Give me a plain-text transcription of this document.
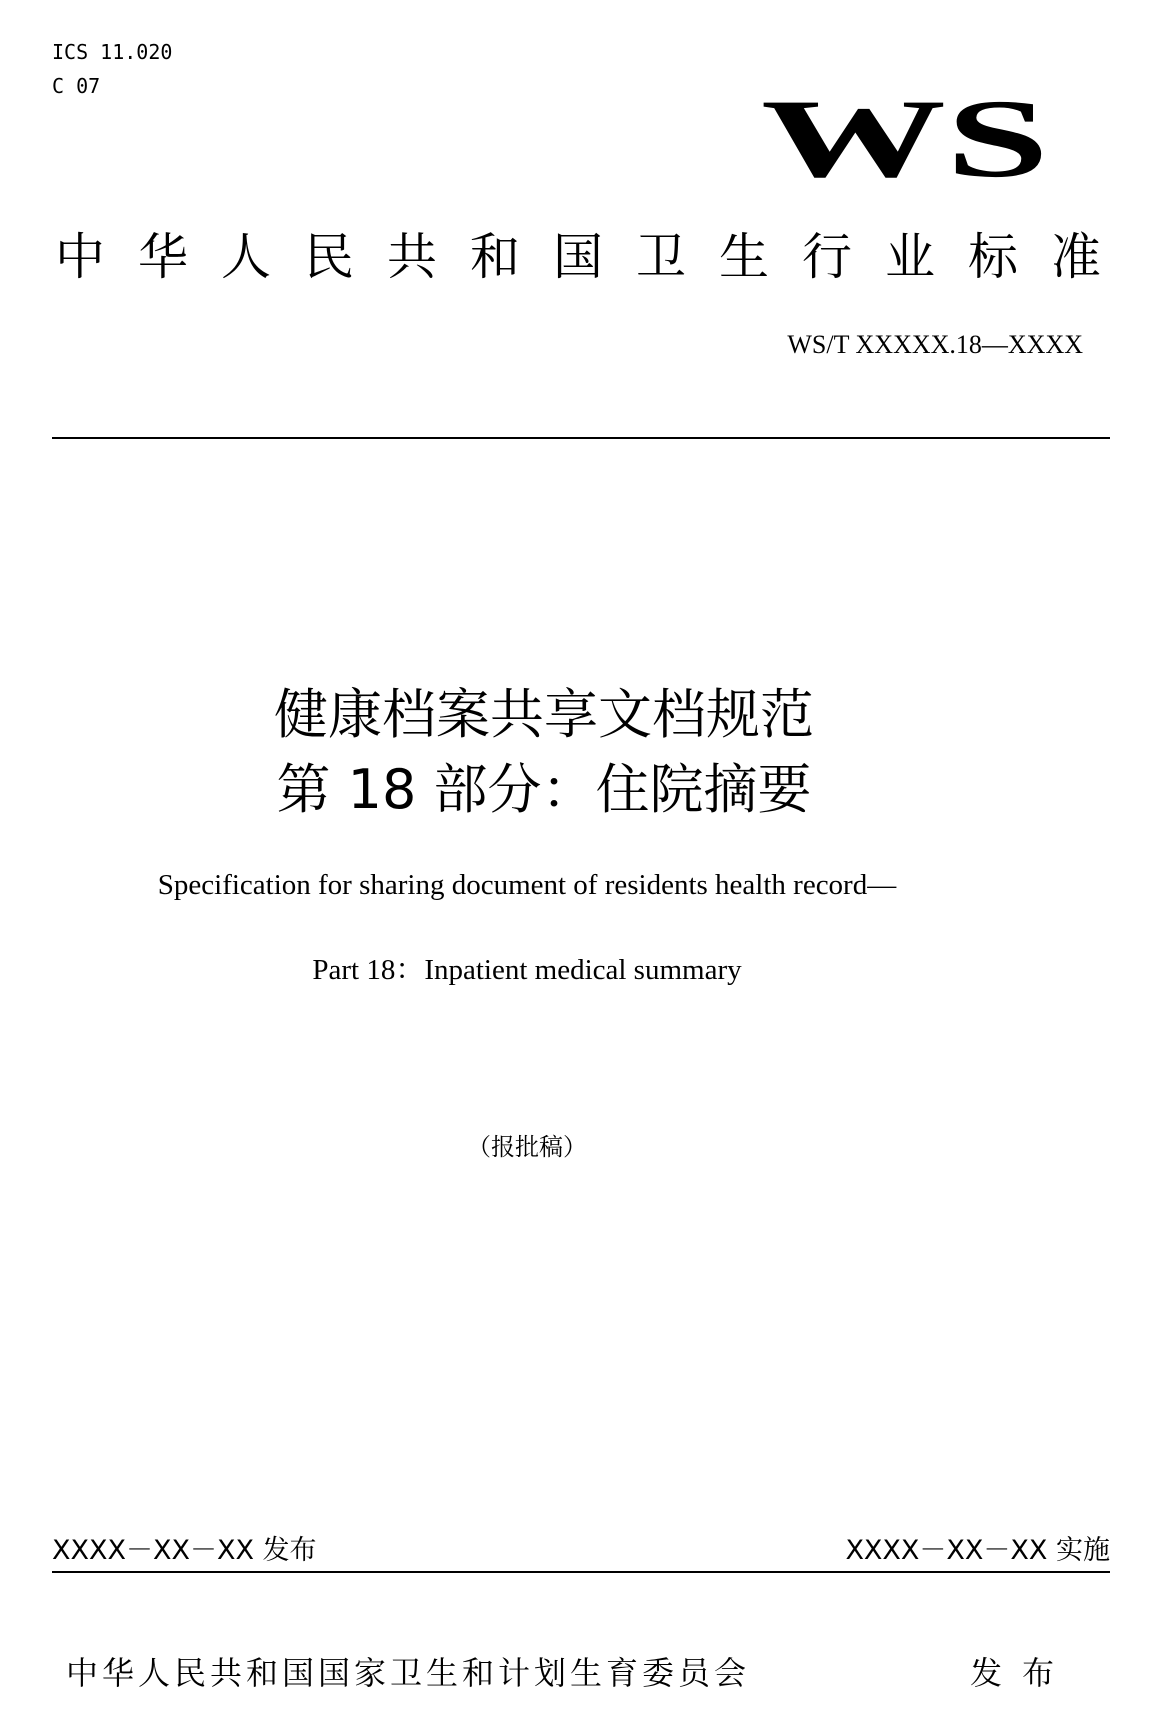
ICS 11.020
C 07	WS
中华人民共和国卫生行业标准
WS/T XXXXX.18—XXXX
健康档案共享文档规范
第 18 部分：住院摘要
Specification for sharing document of residents health record—
Part 18：Inpatient medical summary
（报批稿）
XXXX－XX－XX 发布	XXXX－XX－XX 实施
中华人民共和国国家卫生和计划生育委员会	发布
